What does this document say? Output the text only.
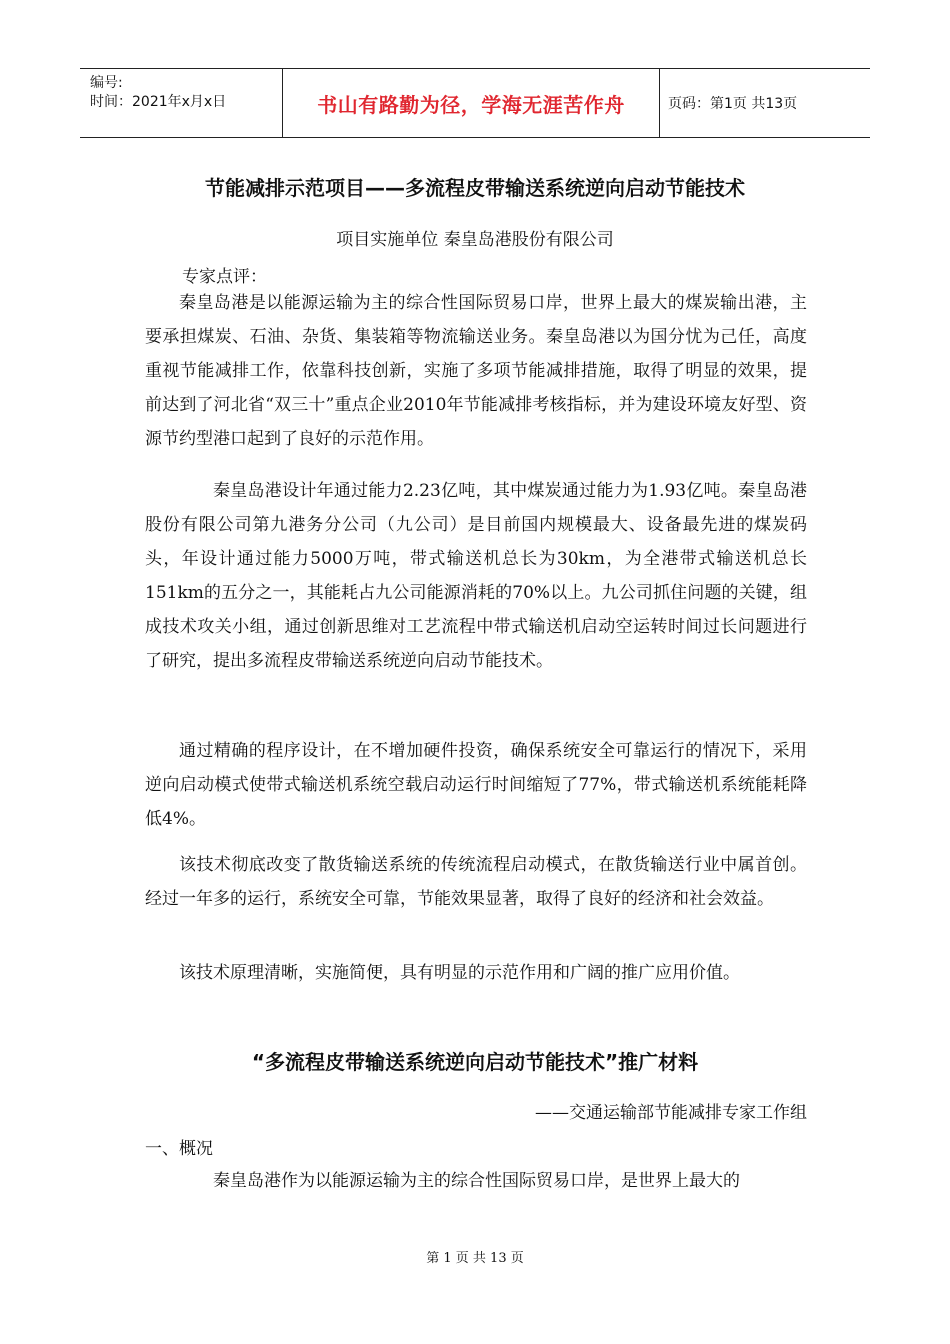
编号:
时间：2021年x月x日	书山有路勤为径，学海无涯苦作舟	页码：第1页 共13页
节能减排示范项目——多流程皮带输送系统逆向启动节能技术
项目实施单位 秦皇岛港股份有限公司
专家点评：
秦皇岛港是以能源运输为主的综合性国际贸易口岸，世界上最大的煤炭输出港，主要承担煤炭、石油、杂货、集装箱等物流输送业务。秦皇岛港以为国分忧为己任，高度重视节能减排工作，依靠科技创新，实施了多项节能减排措施，取得了明显的效果，提前达到了河北省“双三十”重点企业2010年节能减排考核指标，并为建设环境友好型、资源节约型港口起到了良好的示范作用。
秦皇岛港设计年通过能力2.23亿吨，其中煤炭通过能力为1.93亿吨。秦皇岛港股份有限公司第九港务分公司（九公司）是目前国内规模最大、设备最先进的煤炭码头，年设计通过能力5000万吨，带式输送机总长为30km，为全港带式输送机总长151km的五分之一，其能耗占九公司能源消耗的70%以上。九公司抓住问题的关键，组成技术攻关小组，通过创新思维对工艺流程中带式输送机启动空运转时间过长问题进行了研究，提出多流程皮带输送系统逆向启动节能技术。
通过精确的程序设计，在不增加硬件投资，确保系统安全可靠运行的情况下，采用逆向启动模式使带式输送机系统空载启动运行时间缩短了77%，带式输送机系统能耗降低4%。
该技术彻底改变了散货输送系统的传统流程启动模式，在散货输送行业中属首创。经过一年多的运行，系统安全可靠，节能效果显著，取得了良好的经济和社会效益。
该技术原理清晰，实施简便，具有明显的示范作用和广阔的推广应用价值。
“多流程皮带输送系统逆向启动节能技术”推广材料
——交通运输部节能减排专家工作组
一、概况
秦皇岛港作为以能源运输为主的综合性国际贸易口岸，是世界上最大的
第 1 页 共 13 页
